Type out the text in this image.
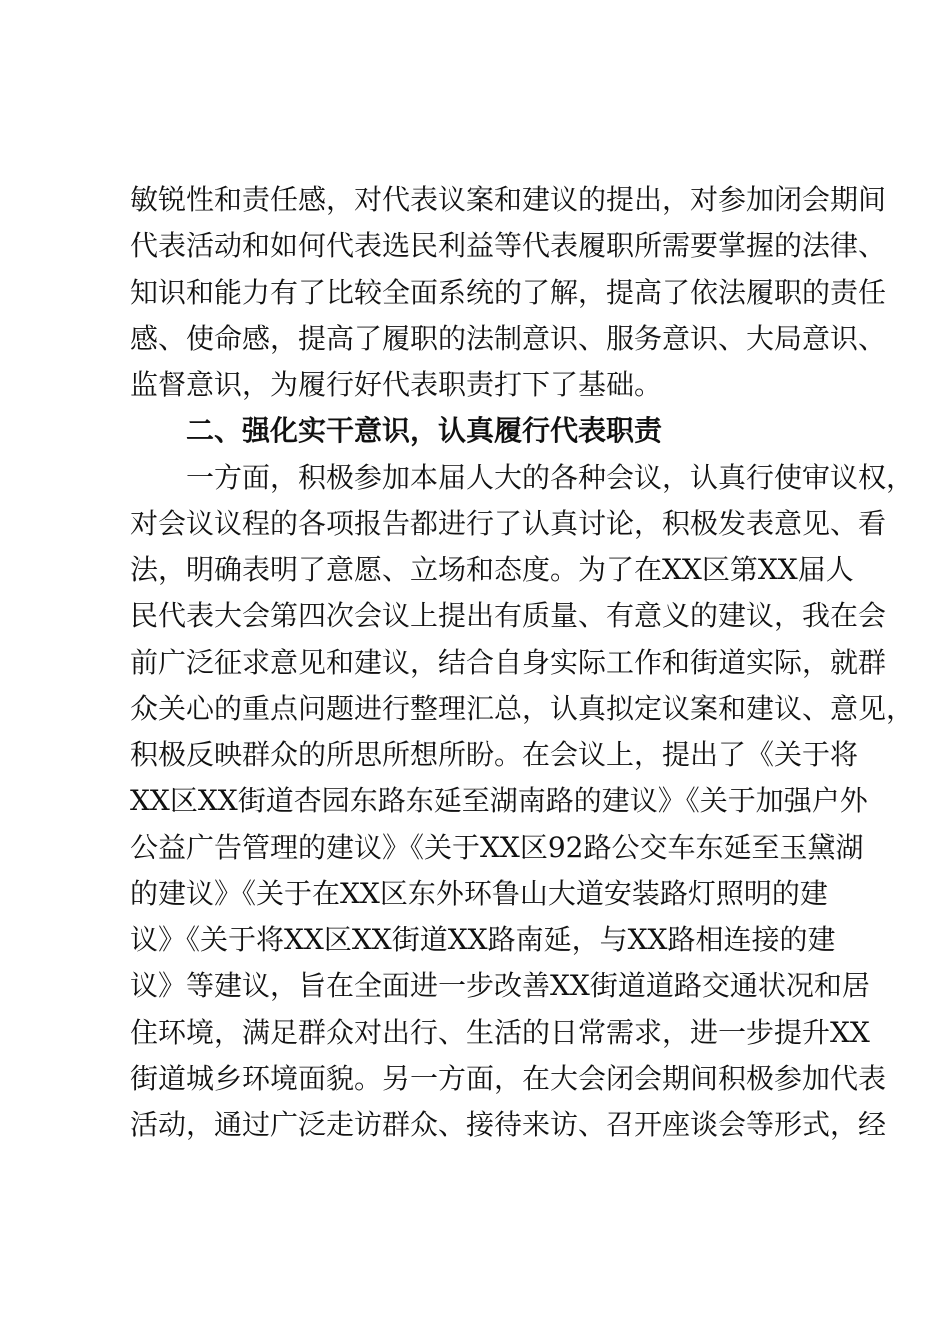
敏锐性和责任感，对代表议案和建议的提出，对参加闭会期间
代表活动和如何代表选民利益等代表履职所需要掌握的法律、
知识和能力有了比较全面系统的了解，提高了依法履职的责任
感、使命感，提高了履职的法制意识、服务意识、大局意识、
监督意识，为履行好代表职责打下了基础。
二、强化实干意识，认真履行代表职责
一方面，积极参加本届人大的各种会议，认真行使审议权，
对会议议程的各项报告都进行了认真讨论，积极发表意见、看
法，明确表明了意愿、立场和态度。为了在XX区第XX届人
民代表大会第四次会议上提出有质量、有意义的建议，我在会
前广泛征求意见和建议，结合自身实际工作和街道实际，就群
众关心的重点问题进行整理汇总，认真拟定议案和建议、意见，
积极反映群众的所思所想所盼。在会议上，提出了《关于将
XX区XX街道杏园东路东延至湖南路的建议》《关于加强户外
公益广告管理的建议》《关于XX区92路公交车东延至玉黛湖
的建议》《关于在XX区东外环鲁山大道安装路灯照明的建
议》《关于将XX区XX街道XX路南延，与XX路相连接的建
议》等建议，旨在全面进一步改善XX街道道路交通状况和居
住环境，满足群众对出行、生活的日常需求，进一步提升XX
街道城乡环境面貌。另一方面，在大会闭会期间积极参加代表
活动，通过广泛走访群众、接待来访、召开座谈会等形式，经
